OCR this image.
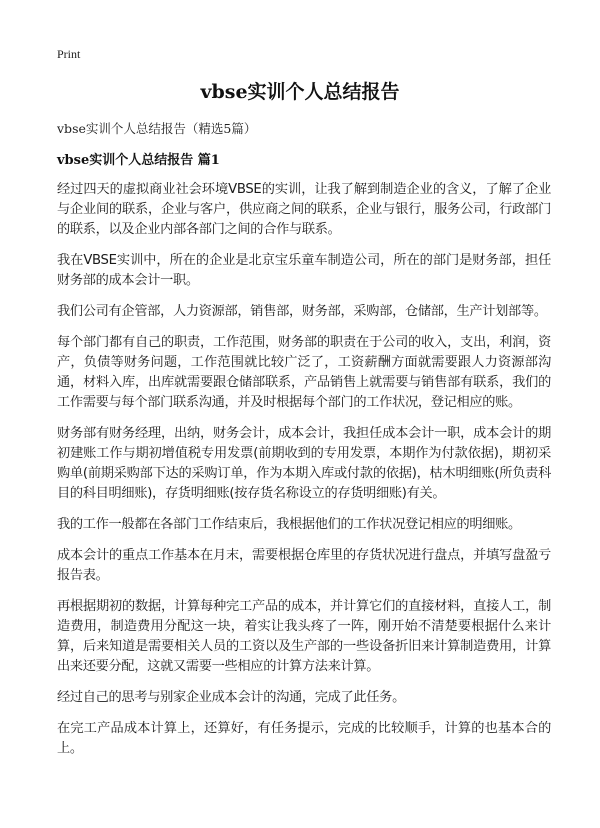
Print
vbse实训个人总结报告
vbse实训个人总结报告（精选5篇）
vbse实训个人总结报告 篇1

经过四天的虚拟商业社会环境VBSE的实训，让我了解到制造企业的含义，了解了企业与企业间的联系，企业与客户，供应商之间的联系，企业与银行，服务公司，行政部门的联系，以及企业内部各部门之间的合作与联系。

我在VBSE实训中，所在的企业是北京宝乐童车制造公司，所在的部门是财务部，担任财务部的成本会计一职。

我们公司有企管部，人力资源部，销售部，财务部，采购部，仓储部，生产计划部等。

每个部门都有自己的职责，工作范围，财务部的职责在于公司的收入，支出，利润，资产，负债等财务问题，工作范围就比较广泛了，工资薪酬方面就需要跟人力资源部沟通，材料入库，出库就需要跟仓储部联系，产品销售上就需要与销售部有联系，我们的工作需要与每个部门联系沟通，并及时根据每个部门的工作状况，登记相应的账。

财务部有财务经理，出纳，财务会计，成本会计，我担任成本会计一职，成本会计的期初建账工作与期初增值税专用发票(前期收到的专用发票，本期作为付款依据)，期初采购单(前期采购部下达的采购订单，作为本期入库或付款的依据)，枯木明细账(所负责科目的科目明细账)，存货明细账(按存货名称设立的存货明细账)有关。

我的工作一般都在各部门工作结束后，我根据他们的工作状况登记相应的明细账。

成本会计的重点工作基本在月末，需要根据仓库里的存货状况进行盘点，并填写盘盈亏报告表。

再根据期初的数据，计算每种完工产品的成本，并计算它们的直接材料，直接人工，制造费用，制造费用分配这一块，着实让我头疼了一阵，刚开始不清楚要根据什么来计算，后来知道是需要相关人员的工资以及生产部的一些设备折旧来计算制造费用，计算出来还要分配，这就又需要一些相应的计算方法来计算。

经过自己的思考与别家企业成本会计的沟通，完成了此任务。

在完工产品成本计算上，还算好，有任务提示，完成的比较顺手，计算的也基本合的上。
